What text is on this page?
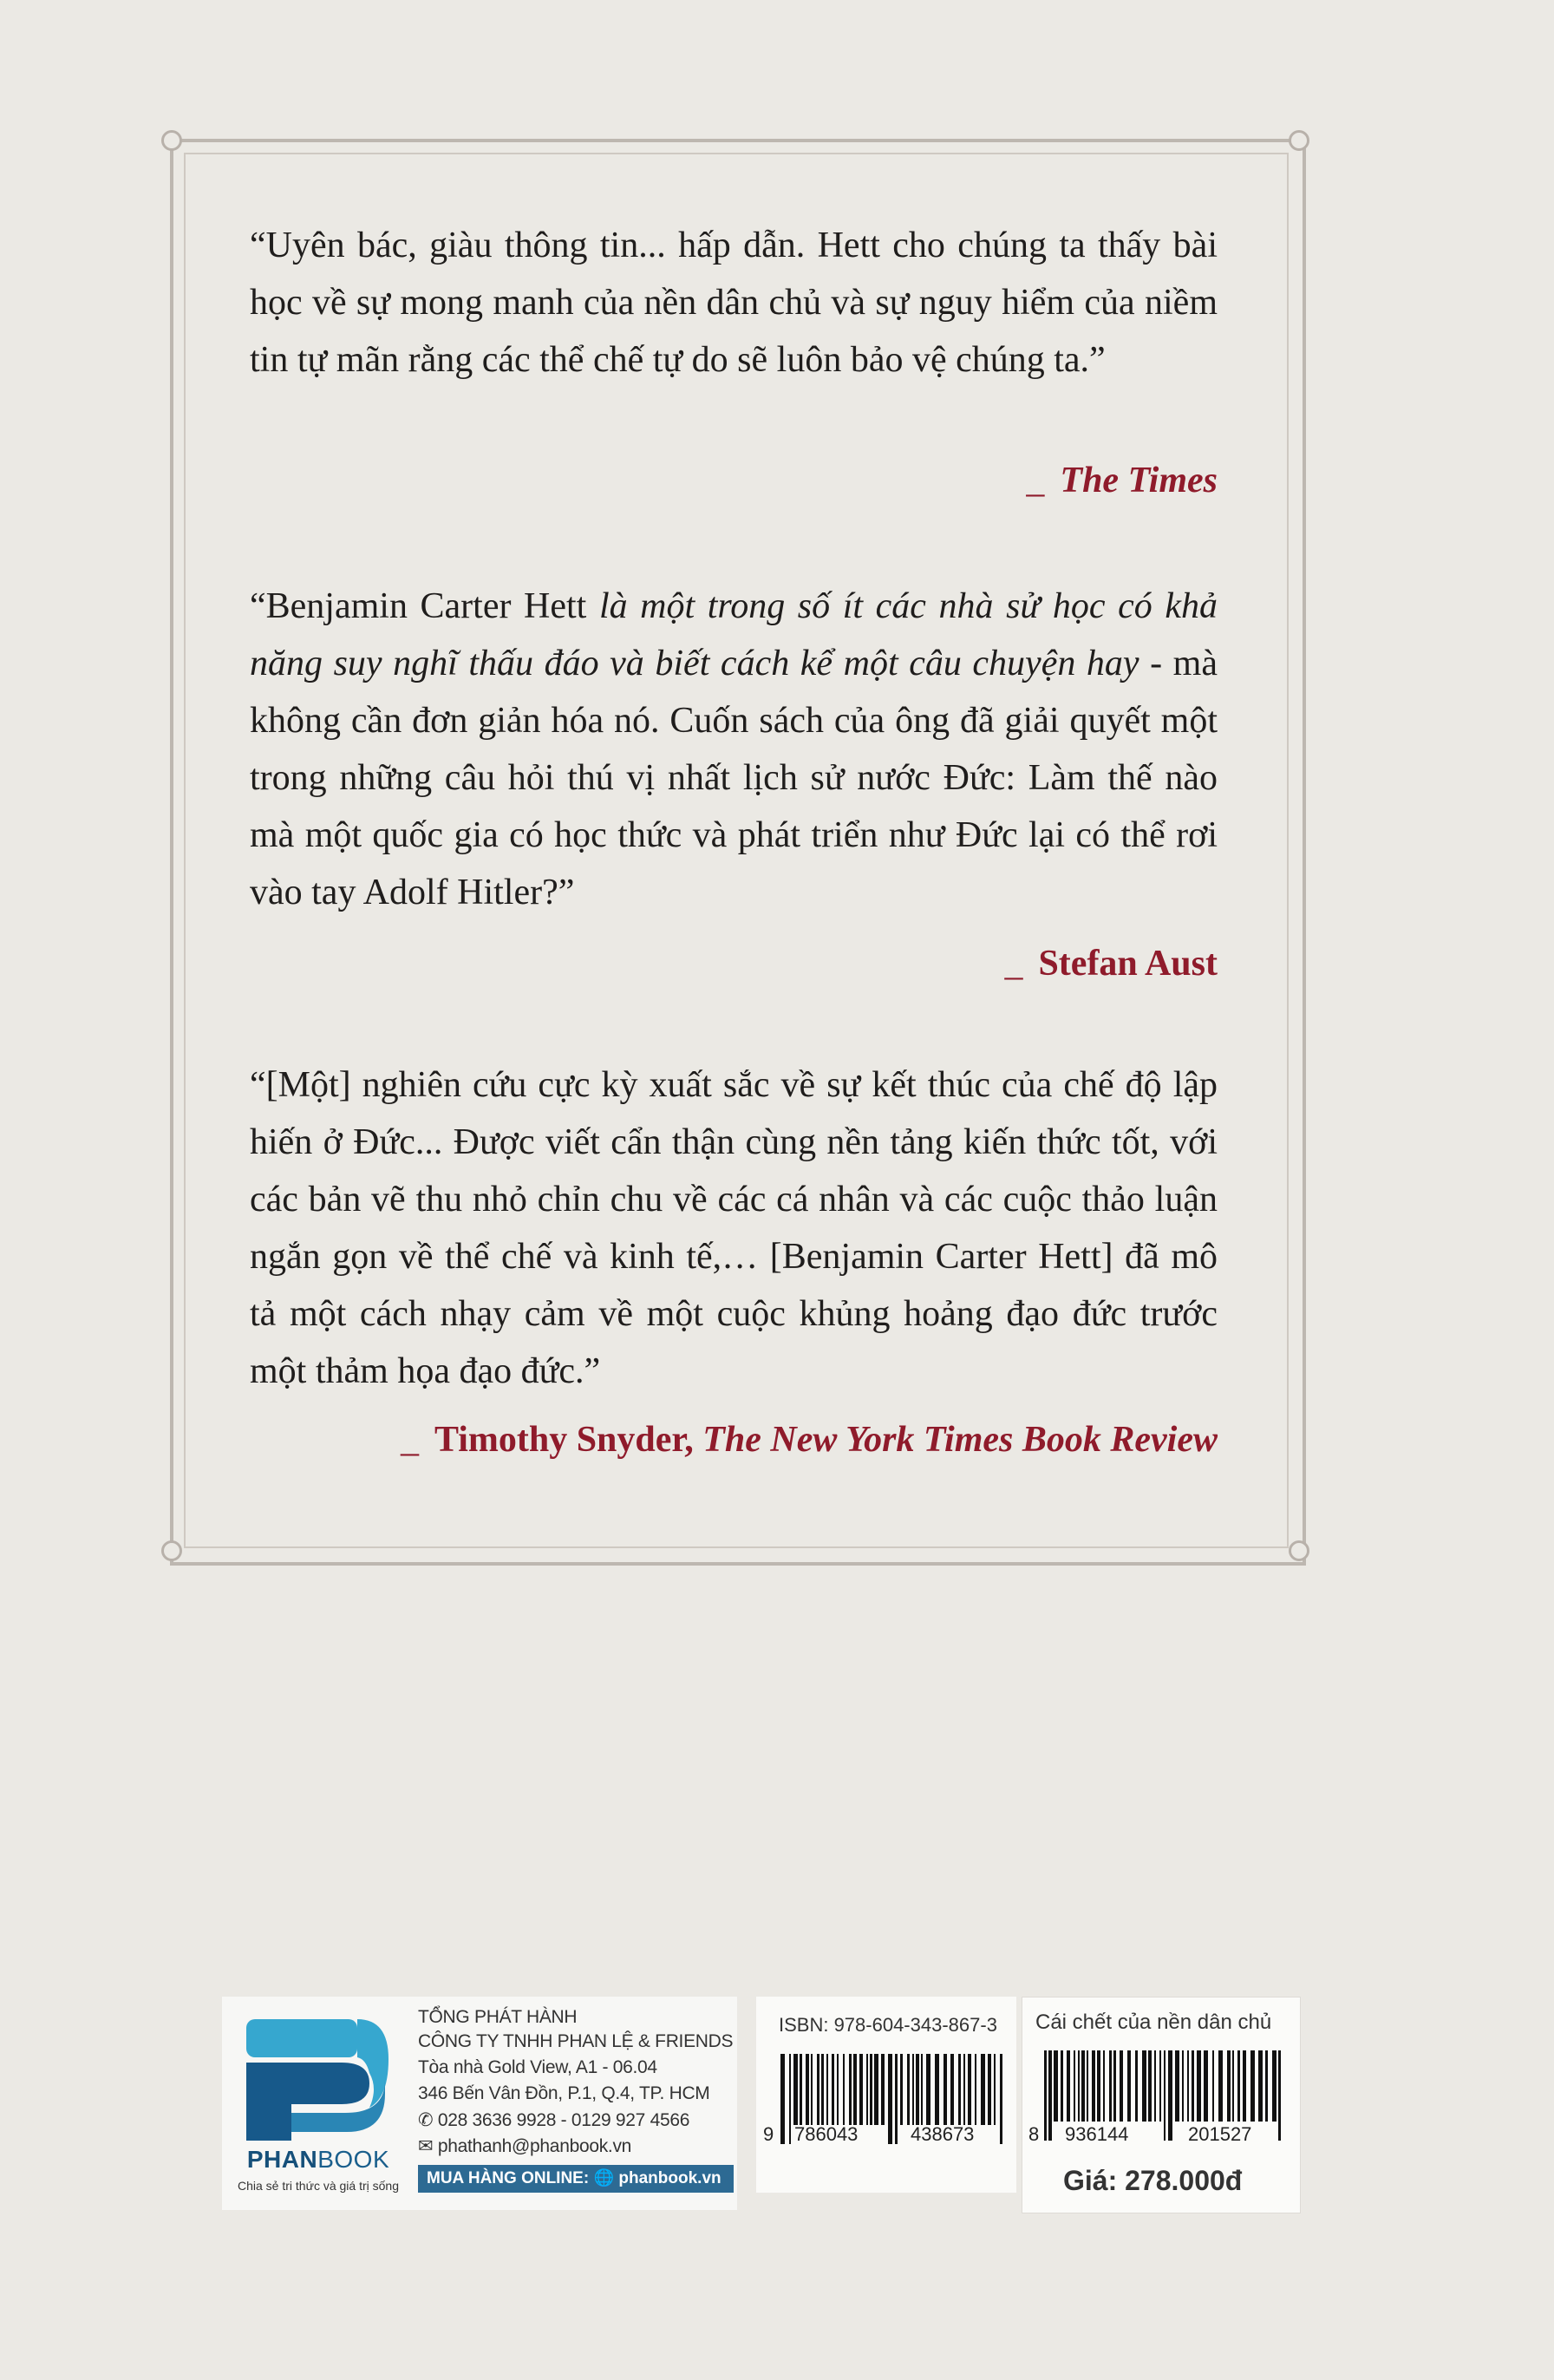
“Uyên bác, giàu thông tin... hấp dẫn. Hett cho chúng ta thấy bài học về sự mong manh của nền dân chủ và sự nguy hiểm của niềm tin tự mãn rằng các thể chế tự do sẽ luôn bảo vệ chúng ta.”
_ The Times
“Benjamin Carter Hett là một trong số ít các nhà sử học có khả năng suy nghĩ thấu đáo và biết cách kể một câu chuyện hay - mà không cần đơn giản hóa nó. Cuốn sách của ông đã giải quyết một trong những câu hỏi thú vị nhất lịch sử nước Đức: Làm thế nào mà một quốc gia có học thức và phát triển như Đức lại có thể rơi vào tay Adolf Hitler?”
_ Stefan Aust
“[Một] nghiên cứu cực kỳ xuất sắc về sự kết thúc của chế độ lập hiến ở Đức... Được viết cẩn thận cùng nền tảng kiến thức tốt, với các bản vẽ thu nhỏ chỉn chu về các cá nhân và các cuộc thảo luận ngắn gọn về thể chế và kinh tế,… [Benjamin Carter Hett] đã mô tả một cách nhạy cảm về một cuộc khủng hoảng đạo đức trước một thảm họa đạo đức.”
_ Timothy Snyder, The New York Times Book Review
PHANBOOK
Chia sẻ tri thức và giá trị sống
TỔNG PHÁT HÀNH
CÔNG TY TNHH PHAN LỆ & FRIENDS
Tòa nhà Gold View, A1 - 06.04
346 Bến Vân Đồn, P.1, Q.4, TP. HCM
✆ 028 3636 9928 - 0129 927 4566
✉ phathanh@phanbook.vn
MUA HÀNG ONLINE: 🌐 phanbook.vn
ISBN: 978-604-343-867-3
9 786043	438673
Cái chết của nền dân chủ
8 936144	201527
Giá: 278.000đ
